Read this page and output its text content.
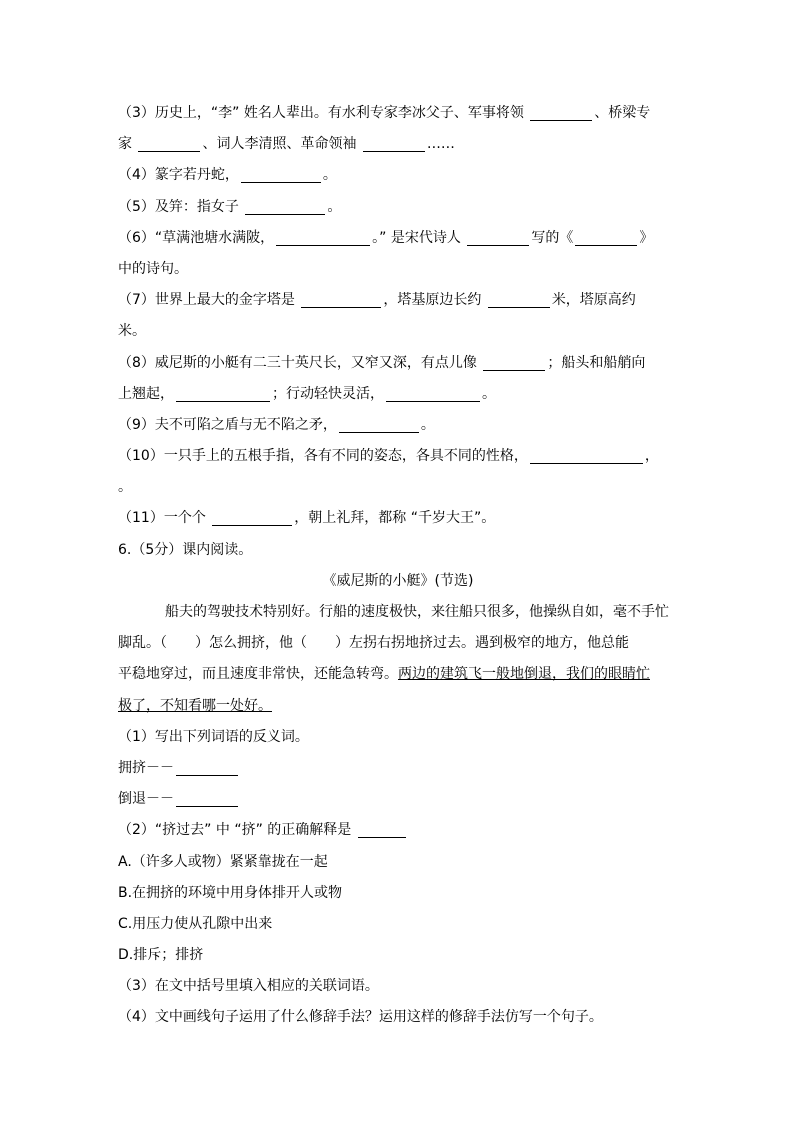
（3）历史上，“李” 姓名人辈出。有水利专家李冰父子、军事将领	、桥梁专
家	、词人李清照、革命领袖	……
（4）篆字若丹蛇，	。
（5）及笄：指女子	。
（6）“草满池塘水满陂，	。” 是宋代诗人	写的《	》
中的诗句。
（7）世界上最大的金字塔是	，塔基原边长约	米，塔原高约
米。
（8）威尼斯的小艇有二三十英尺长，又窄又深，有点儿像	；船头和船艄向
上翘起，	；行动轻快灵活，	。
（9）夫不可陷之盾与无不陷之矛，	。
（10）一只手上的五根手指，各有不同的姿态，各具不同的性格，	，
。
（11）一个个	，朝上礼拜，都称 “千岁大王”。
6.（5分）课内阅读。
《威尼斯的小艇》(节选)
船夫的驾驶技术特别好。行船的速度极快，来往船只很多，他操纵自如，毫不手忙
脚乱。（　　）怎么拥挤，他（　　）左拐右拐地挤过去。遇到极窄的地方，他总能
平稳地穿过，而且速度非常快，还能急转弯。两边的建筑飞一般地倒退，我们的眼睛忙
极了，不知看哪一处好。
（1）写出下列词语的反义词。
拥挤－－
倒退－－
（2）“挤过去” 中 “挤” 的正确解释是
A.（许多人或物）紧紧靠拢在一起
B.在拥挤的环境中用身体排开人或物
C.用压力使从孔隙中出来
D.排斥；排挤
（3）在文中括号里填入相应的关联词语。
（4）文中画线句子运用了什么修辞手法？运用这样的修辞手法仿写一个句子。
